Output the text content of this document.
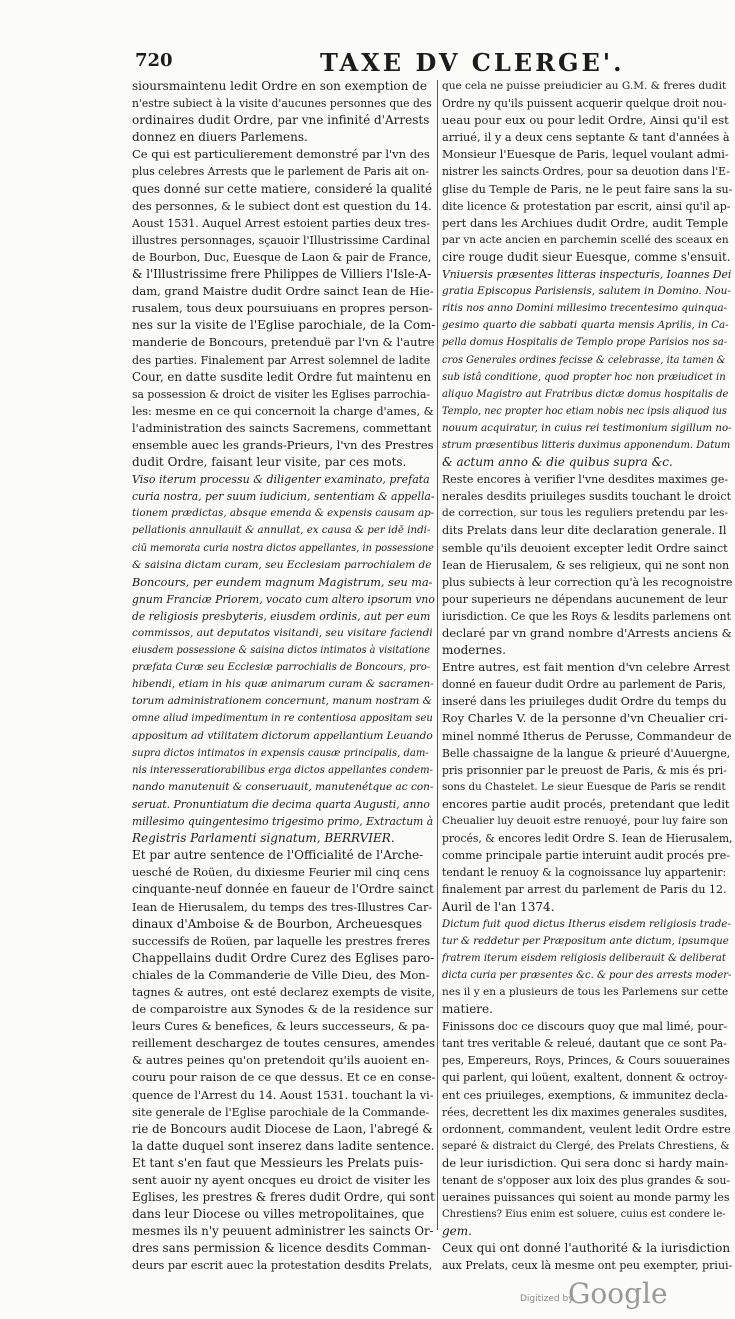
720	TAXE DV CLERGE'.
sioursmaintenu ledit Ordre en son exemption de
n'estre subiect à la visite d'aucunes personnes que des
ordinaires dudit Ordre, par vne infinité d'Arrests
donnez en diuers Parlemens.
Ce qui est particulierement demonstré par l'vn des
plus celebres Arrests que le parlement de Paris ait on-
ques donné sur cette matiere, consideré la qualité
des personnes, & le subiect dont est question du 14.
Aoust 1531. Auquel Arrest estoient parties deux tres-
illustres personnages, sçauoir l'Illustrissime Cardinal
de Bourbon, Duc, Euesque de Laon & pair de France,
& l'Illustrissime frere Philippes de Villiers l'Isle-A-
dam, grand Maistre dudit Ordre sainct Iean de Hie-
rusalem, tous deux poursuiuans en propres person-
nes sur la visite de l'Eglise parochiale, de la Com-
manderie de Boncours, pretenduë par l'vn & l'autre
des parties. Finalement par Arrest solemnel de ladite
Cour, en datte susdite ledit Ordre fut maintenu en
sa possession & droict de visiter les Eglises parrochia-
les: mesme en ce qui concernoit la charge d'ames, &
l'administration des saincts Sacremens, commettant
ensemble auec les grands-Prieurs, l'vn des Prestres
dudit Ordre, faisant leur visite, par ces mots.
Viso iterum processu & diligenter examinato, prefata
curia nostra, per suum iudicium, sententiam & appella-
tionem prædictas, absque emenda & expensis causam ap-
pellationis annullauit & annullat, ex causa & per idē indi-
ciū memorata curia nostra dictos appellantes, in possessione
& saisina dictam curam, seu Ecclesiam parrochialem de
Boncours, per eundem magnum Magistrum, seu ma-
gnum Franciæ Priorem, vocato cum altero ipsorum vno
de religiosis presbyteris, eiusdem ordinis, aut per eum
commissos, aut deputatos visitandi, seu visitare faciendi
eiusdem possessione & saisina dictos intimatos à visitatione
præfata Curæ seu Ecclesiæ parrochialis de Boncours, pro-
hibendi, etiam in his quæ animarum curam & sacramen-
torum administrationem concernunt, manum nostram &
omne aliud impedimentum in re contentiosa appositam seu
appositum ad vtilitatem dictorum appellantium Leuando
supra dictos intimatos in expensis causæ principalis, dam-
nis interesseratiorabilibus erga dictos appellantes condem-
nando manutenuit & conseruauit, manutenétque ac con-
seruat. Pronuntiatum die decima quarta Augusti, anno
millesimo quingentesimo trigesimo primo, Extractum à
Registris Parlamenti signatum, BERRVIER.
Et par autre sentence de l'Officialité de l'Arche-
uesché de Roüen, du dixiesme Feurier mil cinq cens
cinquante-neuf donnée en faueur de l'Ordre sainct
Iean de Hierusalem, du temps des tres-Illustres Car-
dinaux d'Amboise & de Bourbon, Archeuesques
successifs de Roüen, par laquelle les prestres freres
Chappellains dudit Ordre Curez des Eglises paro-
chiales de la Commanderie de Ville Dieu, des Mon-
tagnes & autres, ont esté declarez exempts de visite,
de comparoistre aux Synodes & de la residence sur
leurs Cures & benefices, & leurs successeurs, & pa-
reillement deschargez de toutes censures, amendes
& autres peines qu'on pretendoit qu'ils auoient en-
couru pour raison de ce que dessus. Et ce en conse-
quence de l'Arrest du 14. Aoust 1531. touchant la vi-
site generale de l'Eglise parochiale de la Commande-
rie de Boncours audit Diocese de Laon, l'abregé &
la datte duquel sont inserez dans ladite sentence.
Et tant s'en faut que Messieurs les Prelats puis-
sent auoir ny ayent oncques eu droict de visiter les
Eglises, les prestres & freres dudit Ordre, qui sont
dans leur Diocese ou villes metropolitaines, que
mesmes ils n'y peuuent administrer les saincts Or-
dres sans permission & licence desdits Comman-
deurs par escrit auec la protestation desdits Prelats,
que cela ne puisse preiudicier au G.M. & freres dudit
Ordre ny qu'ils puissent acquerir quelque droit nou-
ueau pour eux ou pour ledit Ordre, Ainsi qu'il est
arriué, il y a deux cens septante & tant d'années à
Monsieur l'Euesque de Paris, lequel voulant admi-
nistrer les saincts Ordres, pour sa deuotion dans l'E-
glise du Temple de Paris, ne le peut faire sans la su-
dite licence & protestation par escrit, ainsi qu'il ap-
pert dans les Archiues dudit Ordre, audit Temple
par vn acte ancien en parchemin scellé des sceaux en
cire rouge dudit sieur Euesque, comme s'ensuit.
Vniuersis præsentes litteras inspecturis, Ioannes Dei
gratia Episcopus Parisiensis, salutem in Domino. Nou-
ritis nos anno Domini millesimo trecentesimo quinqua-
gesimo quarto die sabbati quarta mensis Aprilis, in Ca-
pella domus Hospitalis de Templo prope Parisios nos sa-
cros Generales ordines fecisse & celebrasse, ita tamen &
sub istâ conditione, quod propter hoc non præiudicet in
aliquo Magistro aut Fratribus dictæ domus hospitalis de
Templo, nec propter hoc etiam nobis nec ipsis aliquod ius
nouum acquiratur, in cuius rei testimonium sigillum no-
strum præsentibus litteris duximus apponendum. Datum
& actum anno & die quibus supra &c.
Reste encores à verifier l'vne desdites maximes ge-
nerales desdits priuileges susdits touchant le droict
de correction, sur tous les reguliers pretendu par les-
dits Prelats dans leur dite declaration generale. Il
semble qu'ils deuoient excepter ledit Ordre sainct
Iean de Hierusalem, & ses religieux, qui ne sont non
plus subiects à leur correction qu'à les recognoistre
pour superieurs ne dépendans aucunement de leur
iurisdiction. Ce que les Roys & lesdits parlemens ont
declaré par vn grand nombre d'Arrests anciens &
modernes.
Entre autres, est fait mention d'vn celebre Arrest
donné en faueur dudit Ordre au parlement de Paris,
inseré dans les priuileges dudit Ordre du temps du
Roy Charles V. de la personne d'vn Cheualier cri-
minel nommé Itherus de Perusse, Commandeur de
Belle chassaigne de la langue & prieuré d'Auuergne,
pris prisonnier par le preuost de Paris, & mis és pri-
sons du Chastelet. Le sieur Euesque de Paris se rendit
encores partie audit procés, pretendant que ledit
Cheualier luy deuoit estre renuoyé, pour luy faire son
procés, & encores ledit Ordre S. Iean de Hierusalem,
comme principale partie interuint audit procés pre-
tendant le renuoy & la cognoissance luy appartenir:
finalement par arrest du parlement de Paris du 12.
Auril de l'an 1374.
Dictum fuit quod dictus Itherus eisdem religiosis trade-
tur & reddetur per Præpositum ante dictum, ipsumque
fratrem iterum eisdem religiosis deliberauit & deliberat
dicta curia per præsentes &c. & pour des arrests moder-
nes il y en a plusieurs de tous les Parlemens sur cette
matiere.
Finissons doc ce discours quoy que mal limé, pour-
tant tres veritable & releué, dautant que ce sont Pa-
pes, Empereurs, Roys, Princes, & Cours souueraines
qui parlent, qui loüent, exaltent, donnent & octroy-
ent ces priuileges, exemptions, & immunitez decla-
rées, decrettent les dix maximes generales susdites,
ordonnent, commandent, veulent ledit Ordre estre
separé & distraict du Clergé, des Prelats Chrestiens, &
de leur iurisdiction. Qui sera donc si hardy main-
tenant de s'opposer aux loix des plus grandes & sou-
ueraines puissances qui soient au monde parmy les
Chrestiens? Eius enim est soluere, cuius est condere le-
gem.
Ceux qui ont donné l'authorité & la iurisdiction
aux Prelats, ceux là mesme ont peu exempter, priui-
Digitized by
Google
